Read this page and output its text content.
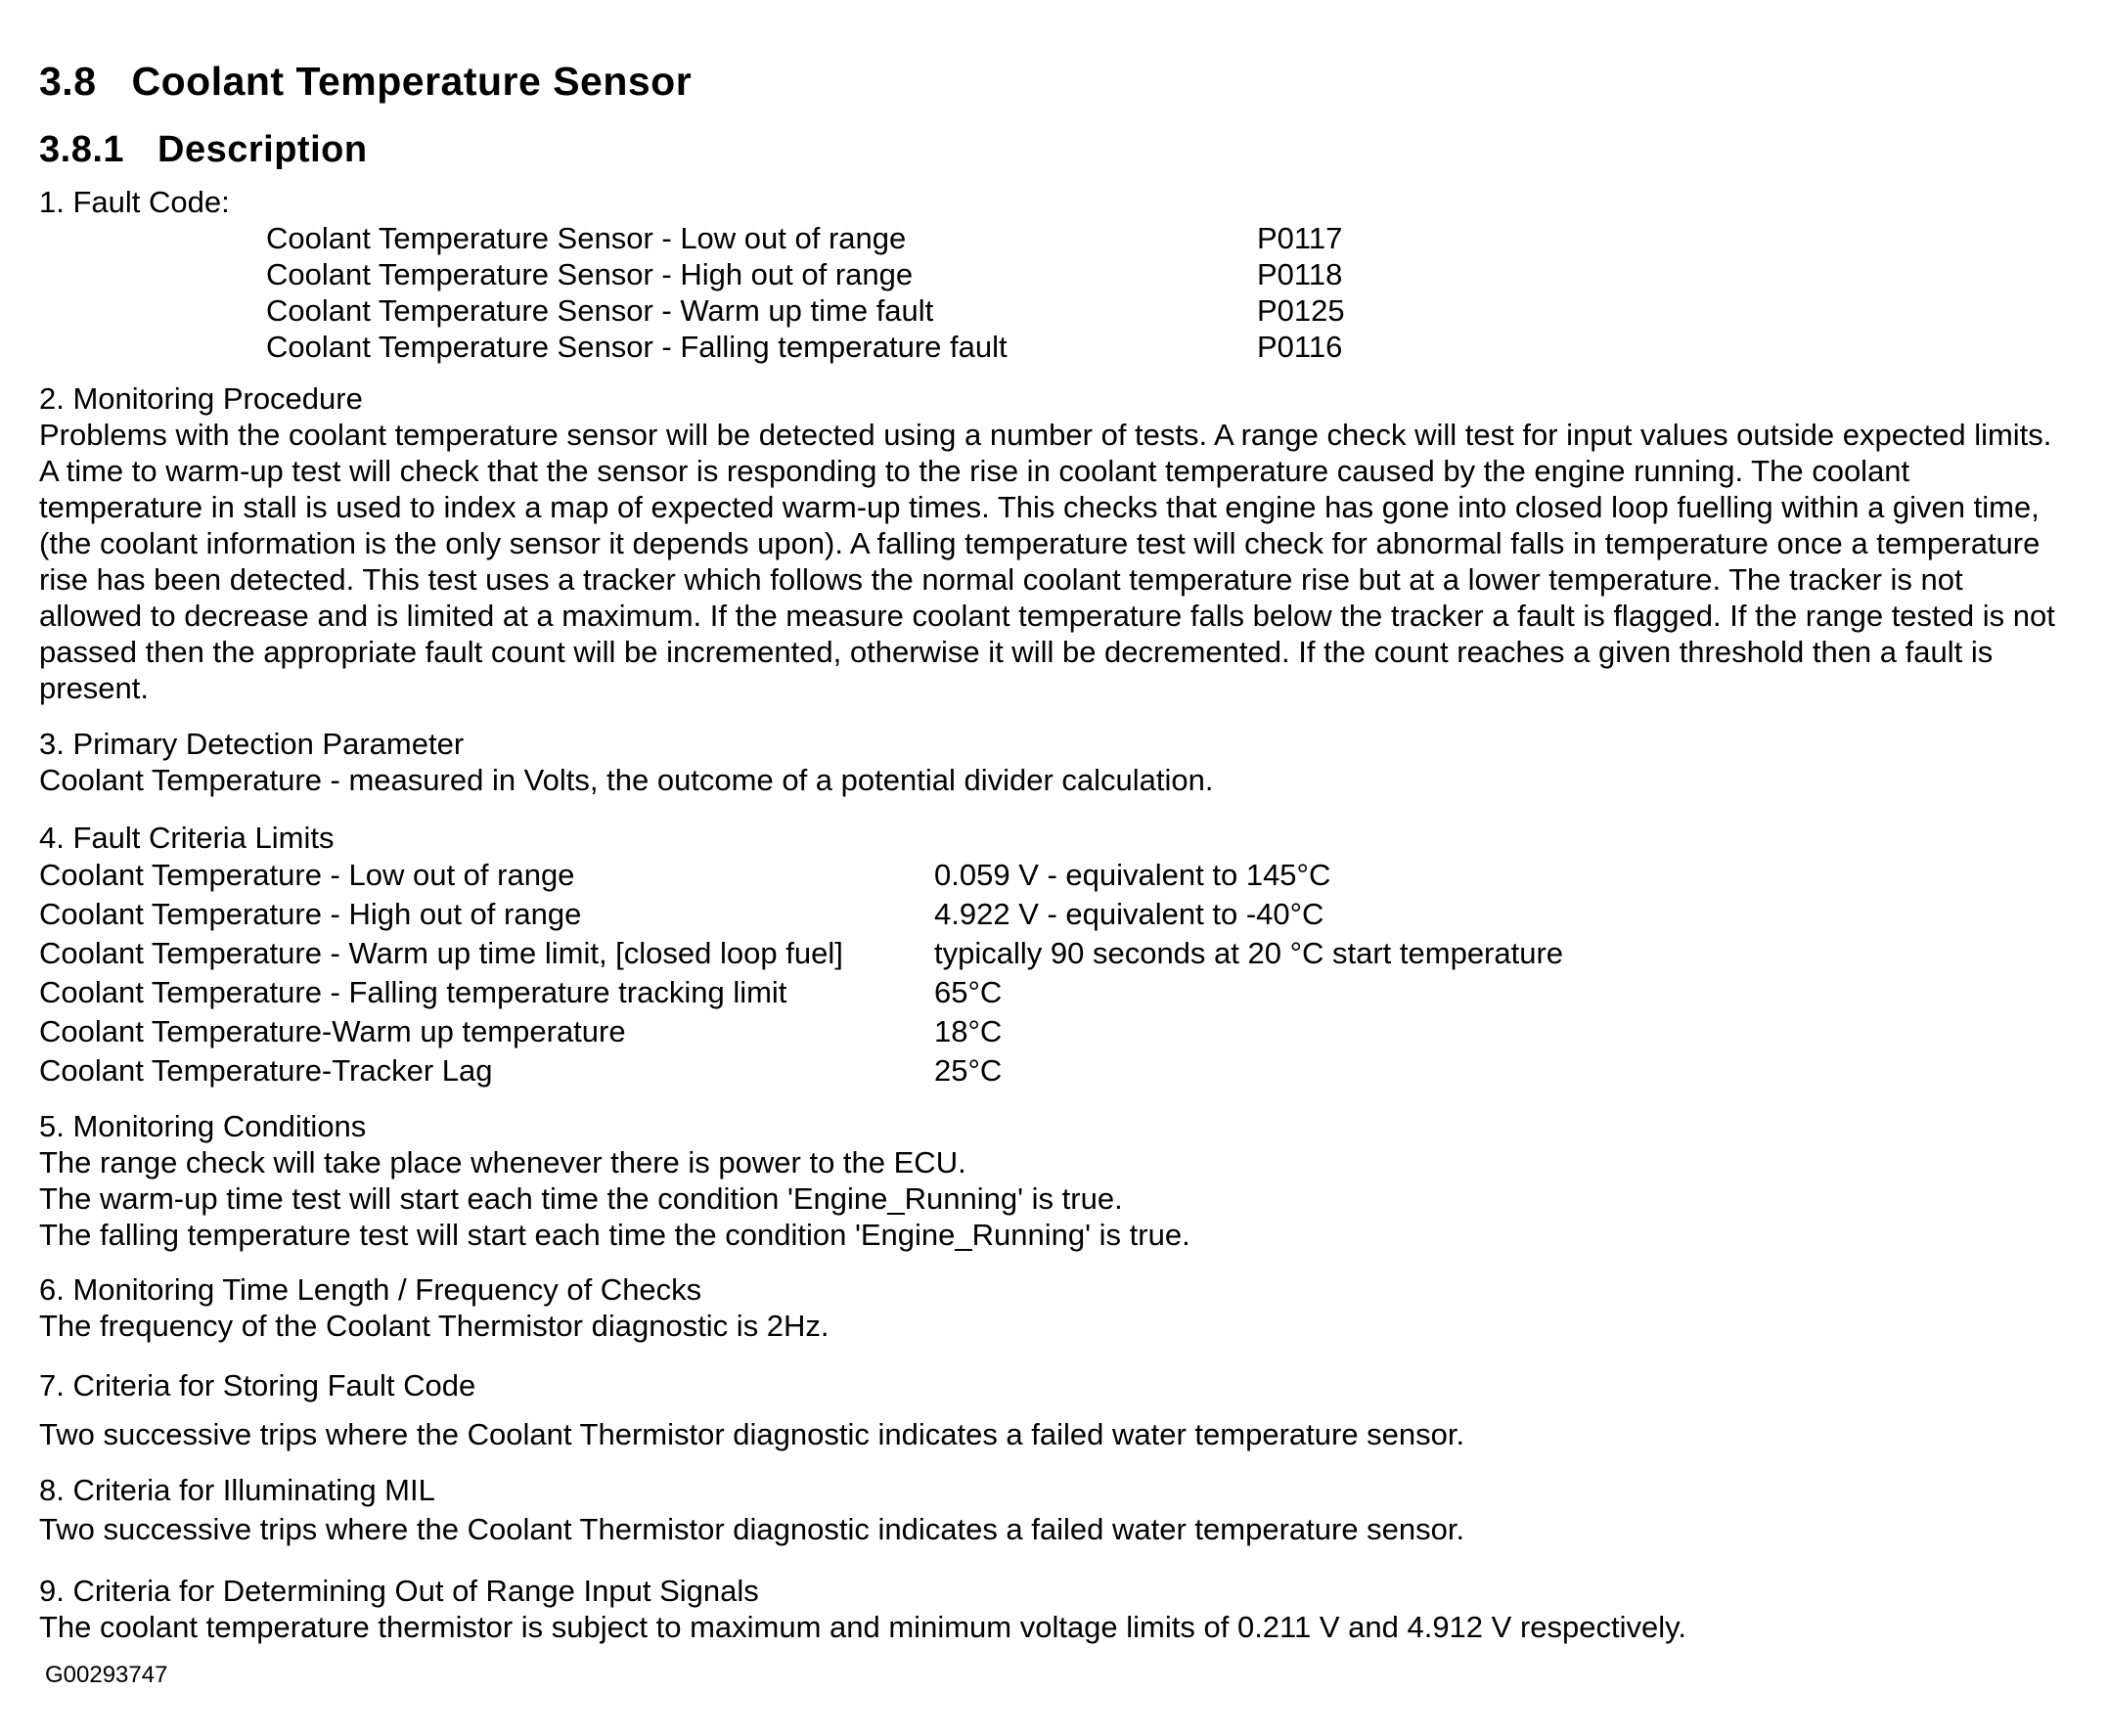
3.8 Coolant Temperature Sensor
3.8.1 Description
1. Fault Code:
Coolant Temperature Sensor - Low out of range	P0117
Coolant Temperature Sensor - High out of range	P0118
Coolant Temperature Sensor - Warm up time fault	P0125
Coolant Temperature Sensor - Falling temperature fault	P0116
2. Monitoring Procedure

Problems with the coolant temperature sensor will be detected using a number of tests. A range check will test for input values outside expected limits. A time to warm-up test will check that the sensor is responding to the rise in coolant temperature caused by the engine running. The coolant temperature in stall is used to index a map of expected warm-up times. This checks that engine has gone into closed loop fuelling within a given time, (the coolant information is the only sensor it depends upon). A falling temperature test will check for abnormal falls in temperature once a temperature rise has been detected. This test uses a tracker which follows the normal coolant temperature rise but at a lower temperature. The tracker is not allowed to decrease and is limited at a maximum. If the measure coolant temperature falls below the tracker a fault is flagged. If the range tested is not passed then the appropriate fault count will be incremented, otherwise it will be decremented. If the count reaches a given threshold then a fault is present.

3. Primary Detection Parameter
Coolant Temperature - measured in Volts, the outcome of a potential divider calculation.
4. Fault Criteria Limits
Coolant Temperature - Low out of range	0.059 V - equivalent to 145°C
Coolant Temperature - High out of range	4.922 V - equivalent to -40°C
Coolant Temperature - Warm up time limit, [closed loop fuel]	typically 90 seconds at 20 °C start temperature
Coolant Temperature - Falling temperature tracking limit	65°C
Coolant Temperature-Warm up temperature	18°C
Coolant Temperature-Tracker Lag	25°C
5. Monitoring Conditions
The range check will take place whenever there is power to the ECU.
The warm-up time test will start each time the condition 'Engine_Running' is true.
The falling temperature test will start each time the condition 'Engine_Running' is true.
6. Monitoring Time Length / Frequency of Checks
The frequency of the Coolant Thermistor diagnostic is 2Hz.
7. Criteria for Storing Fault Code
Two successive trips where the Coolant Thermistor diagnostic indicates a failed water temperature sensor.
8. Criteria for Illuminating MIL
Two successive trips where the Coolant Thermistor diagnostic indicates a failed water temperature sensor.
9. Criteria for Determining Out of Range Input Signals
The coolant temperature thermistor is subject to maximum and minimum voltage limits of 0.211 V and 4.912 V respectively.
G00293747
